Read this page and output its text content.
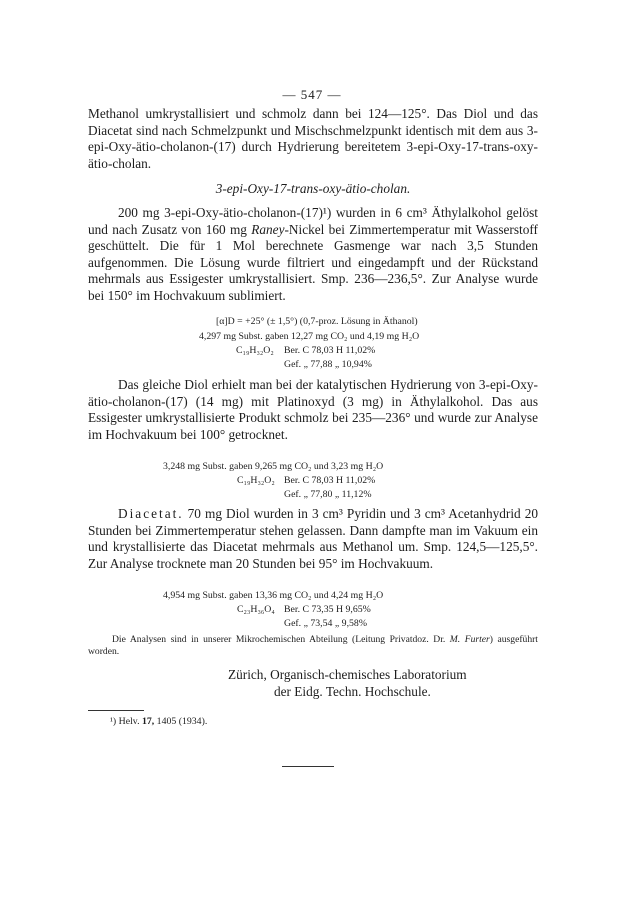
— 547 —

Methanol umkrystallisiert und schmolz dann bei 124—125°. Das Diol und das Diacetat sind nach Schmelzpunkt und Mischschmelzpunkt identisch mit dem aus 3-epi-Oxy-ätio-cholanon-(17) durch Hydrierung bereitetem 3-epi-Oxy-17-trans-oxy-ätio-cholan.

3-epi-Oxy-17-trans-oxy-ätio-cholan.

200 mg 3-epi-Oxy-ätio-cholanon-(17)¹) wurden in 6 cm³ Äthylalkohol gelöst und nach Zusatz von 160 mg Raney-Nickel bei Zimmertemperatur mit Wasserstoff geschüttelt. Die für 1 Mol berechnete Gasmenge war nach 3,5 Stunden aufgenommen. Die Lösung wurde filtriert und eingedampft und der Rückstand mehrmals aus Essigester umkrystallisiert. Smp. 236—236,5°. Zur Analyse wurde bei 150° im Hochvakuum sublimiert.

[α]D = +25° (± 1,5°) (0,7-proz. Lösung in Äthanol)
4,297 mg Subst. gaben 12,27 mg CO₂ und 4,19 mg H₂O
C₁₉H₃₂O₂ Ber. C 78,03 H 11,02%
Gef. „ 77,88 „ 10,94%

Das gleiche Diol erhielt man bei der katalytischen Hydrierung von 3-epi-Oxy-ätio-cholanon-(17) (14 mg) mit Platinoxyd (3 mg) in Äthylalkohol. Das aus Essigester umkrystallisierte Produkt schmolz bei 235—236° und wurde zur Analyse im Hochvakuum bei 100° getrocknet.

3,248 mg Subst. gaben 9,265 mg CO₂ und 3,23 mg H₂O
C₁₉H₃₂O₂ Ber. C 78,03 H 11,02%
Gef. „ 77,80 „ 11,12%

Diacetat. 70 mg Diol wurden in 3 cm³ Pyridin und 3 cm³ Acetanhydrid 20 Stunden bei Zimmertemperatur stehen gelassen. Dann dampfte man im Vakuum ein und krystallisierte das Diacetat mehrmals aus Methanol um. Smp. 124,5—125,5°. Zur Analyse trocknete man 20 Stunden bei 95° im Hochvakuum.

4,954 mg Subst. gaben 13,36 mg CO₂ und 4,24 mg H₂O
C₂₃H₃₆O₄ Ber. C 73,35 H 9,65%
Gef. „ 73,54 „ 9,58%

Die Analysen sind in unserer Mikrochemischen Abteilung (Leitung Privatdoz. Dr. M. Furter) ausgeführt worden.

Zürich, Organisch-chemisches Laboratorium
der Eidg. Techn. Hochschule.
¹) Helv. 17, 1405 (1934).
